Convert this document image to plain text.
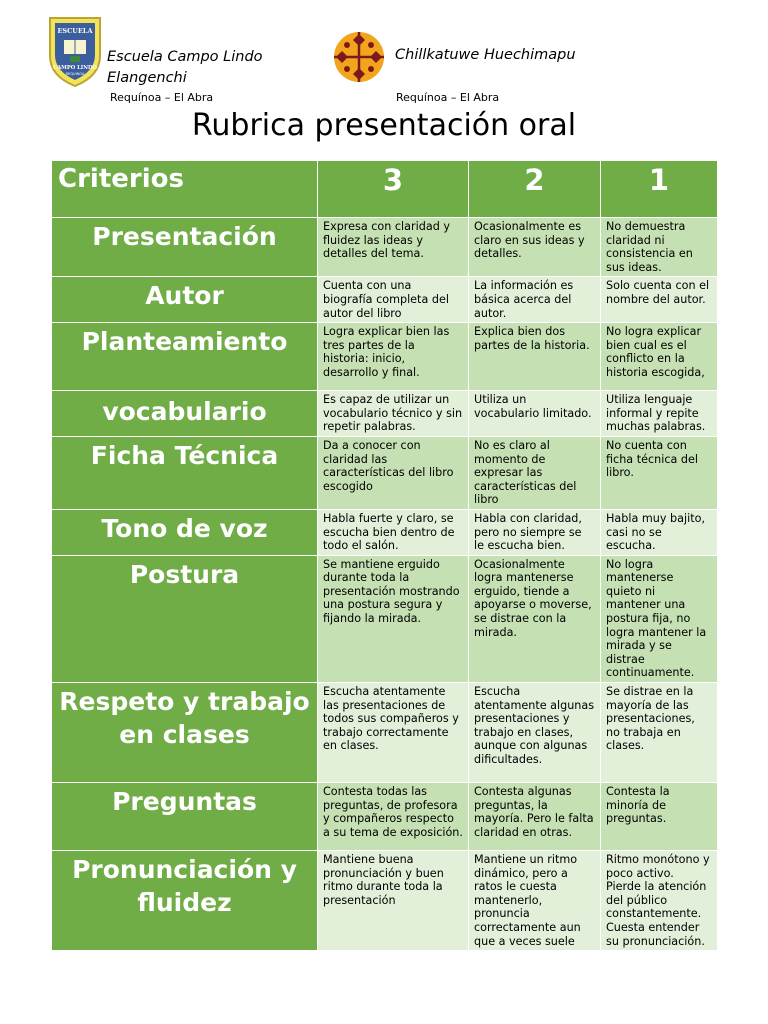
ESCUELA
CAMPO LINDO
REQUINOA
Escuela Campo Lindo
Elangenchi
Requínoa – El Abra
Chillkatuwe Huechimapu
Requínoa – El Abra
Rubrica presentación oral
Criterios	3	2	1
Presentación	Expresa con claridad y fluidez las ideas y detalles del tema.	Ocasionalmente es claro en sus ideas y detalles.	No demuestra claridad ni consistencia en sus ideas.
Autor	Cuenta con una biografía completa del autor del libro	La información es básica acerca del autor.	Solo cuenta con el nombre del autor.
Planteamiento	Logra explicar bien las tres partes de la historia: inicio, desarrollo y final.	Explica bien dos partes de la historia.	No logra explicar bien cual es el conflicto en la historia escogida,
vocabulario	Es capaz de utilizar un vocabulario técnico y sin repetir palabras.	Utiliza un vocabulario limitado.	Utiliza lenguaje informal y repite muchas palabras.
Ficha Técnica	Da a conocer con claridad las características del libro escogido	No es claro al momento de expresar las características del libro	No cuenta con ficha técnica del libro.
Tono de voz	Habla fuerte y claro, se escucha bien dentro de todo el salón.	Habla con claridad, pero no siempre se le escucha bien.	Habla muy bajito, casi no se escucha.
Postura	Se mantiene erguido durante toda la presentación mostrando una postura segura y fijando la mirada.	Ocasionalmente logra mantenerse erguido, tiende a apoyarse o moverse, se distrae con la mirada.	No logra mantenerse quieto ni mantener una postura fija, no logra mantener la mirada y se distrae continuamente.
Respeto y trabajo en clases	Escucha atentamente las presentaciones de todos sus compañeros y trabajo correctamente en clases.	Escucha atentamente algunas presentaciones y trabajo en clases, aunque con algunas dificultades.	Se distrae en la mayoría de las presentaciones, no trabaja en clases.
Preguntas	Contesta todas las preguntas, de profesora y compañeros respecto a su tema de exposición.	Contesta algunas preguntas, la mayoría. Pero le falta claridad en otras.	Contesta la minoría de preguntas.
Pronunciación y fluidez	Mantiene buena pronunciación y buen ritmo durante toda la presentación	Mantiene un ritmo dinámico, pero a ratos le cuesta mantenerlo, pronuncia correctamente aun que a veces suele	Ritmo monótono y poco activo. Pierde la atención del público constantemente. Cuesta entender su pronunciación.
